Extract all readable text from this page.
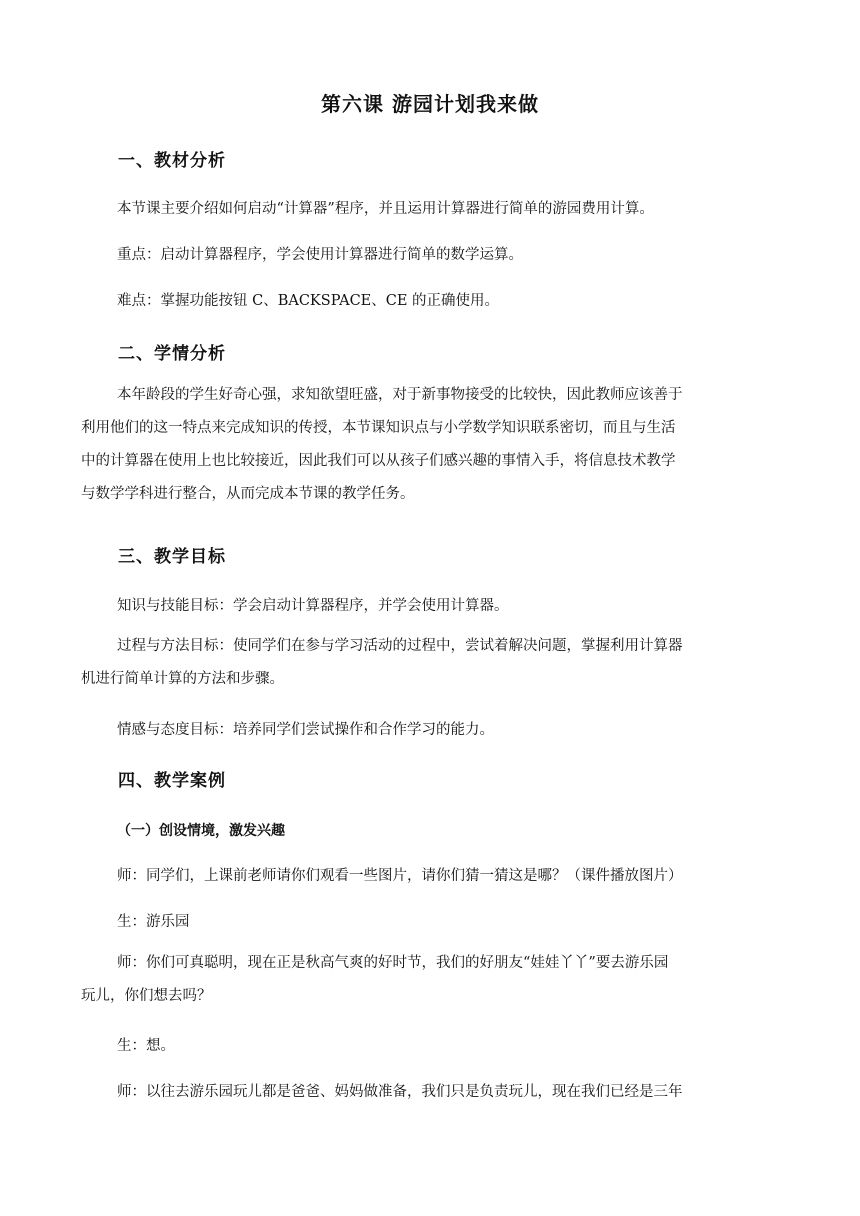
第六课 游园计划我来做
一、教材分析
本节课主要介绍如何启动“计算器”程序，并且运用计算器进行简单的游园费用计算。
重点：启动计算器程序，学会使用计算器进行简单的数学运算。
难点：掌握功能按钮 C、BACKSPACE、CE 的正确使用。
二、学情分析
本年龄段的学生好奇心强，求知欲望旺盛，对于新事物接受的比较快，因此教师应该善于
利用他们的这一特点来完成知识的传授，本节课知识点与小学数学知识联系密切，而且与生活
中的计算器在使用上也比较接近，因此我们可以从孩子们感兴趣的事情入手，将信息技术教学
与数学学科进行整合，从而完成本节课的教学任务。
三、教学目标
知识与技能目标：学会启动计算器程序，并学会使用计算器。
过程与方法目标：使同学们在参与学习活动的过程中，尝试着解决问题，掌握利用计算器
机进行简单计算的方法和步骤。
情感与态度目标：培养同学们尝试操作和合作学习的能力。
四、教学案例
（一）创设情境，激发兴趣
师：同学们，上课前老师请你们观看一些图片，请你们猜一猜这是哪？（课件播放图片）
生：游乐园
师：你们可真聪明，现在正是秋高气爽的好时节，我们的好朋友“娃娃丫丫”要去游乐园
玩儿，你们想去吗？
生：想。
师：以往去游乐园玩儿都是爸爸、妈妈做准备，我们只是负责玩儿，现在我们已经是三年
